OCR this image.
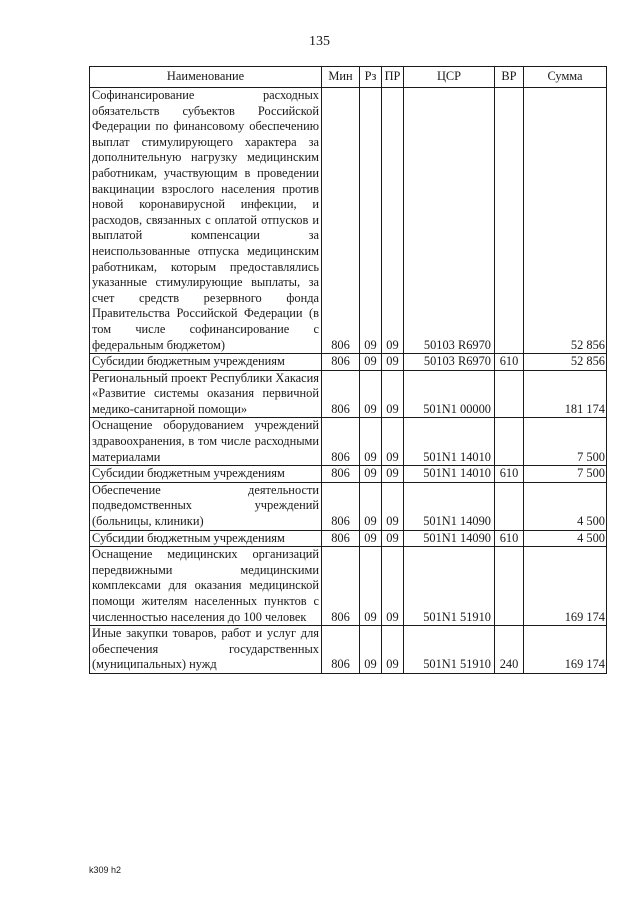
135
Наименование	Мин	Рз	ПР	ЦСР	ВР	Сумма
Софинансирование расходных обязательств субъектов Российской Федерации по финансовому обеспечению выплат стимулирующего характера за дополнительную нагрузку медицинским работникам, участвующим в проведении вакцинации взрослого населения против новой коронавирусной инфекции, и расходов, связанных с оплатой отпусков и выплатой компенсации за неиспользованные отпуска медицинским работникам, которым предоставлялись указанные стимулирующие выплаты, за счет средств резервного фонда Правительства Российской Федерации (в том числе софинансирование с федеральным бюджетом)	806	09	09	50103 R6970		52 856
Субсидии бюджетным учреждениям	806	09	09	50103 R6970	610	52 856
Региональный проект Республики Хакасия «Развитие системы оказания первичной медико-санитарной помощи»	806	09	09	501N1 00000		181 174
Оснащение оборудованием учреждений здравоохранения, в том числе расходными материалами	806	09	09	501N1 14010		7 500
Субсидии бюджетным учреждениям	806	09	09	501N1 14010	610	7 500
Обеспечение деятельности подведомственных учреждений (больницы, клиники)	806	09	09	501N1 14090		4 500
Субсидии бюджетным учреждениям	806	09	09	501N1 14090	610	4 500
Оснащение медицинских организаций передвижными медицинскими комплексами для оказания медицинской помощи жителям населенных пунктов с численностью населения до 100 человек	806	09	09	501N1 51910		169 174
Иные закупки товаров, работ и услуг для обеспечения государственных (муниципальных) нужд	806	09	09	501N1 51910	240	169 174
k309 h2
